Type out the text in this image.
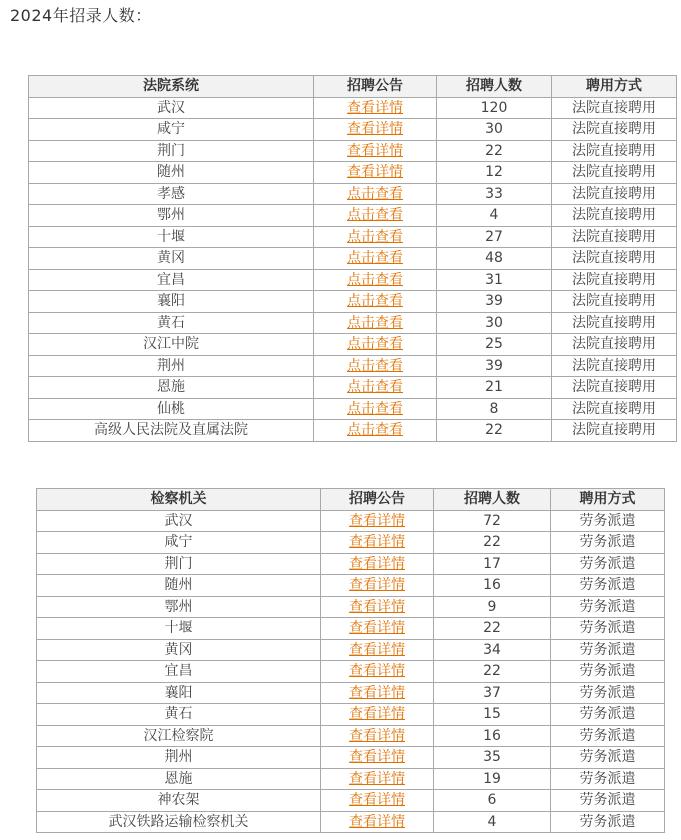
2024年招录人数：
法院系统	招聘公告	招聘人数	聘用方式
武汉	查看详情	120	法院直接聘用
咸宁	查看详情	30	法院直接聘用
荆门	查看详情	22	法院直接聘用
随州	查看详情	12	法院直接聘用
孝感	点击查看	33	法院直接聘用
鄂州	点击查看	4	法院直接聘用
十堰	点击查看	27	法院直接聘用
黄冈	点击查看	48	法院直接聘用
宜昌	点击查看	31	法院直接聘用
襄阳	点击查看	39	法院直接聘用
黄石	点击查看	30	法院直接聘用
汉江中院	点击查看	25	法院直接聘用
荆州	点击查看	39	法院直接聘用
恩施	点击查看	21	法院直接聘用
仙桃	点击查看	8	法院直接聘用
高级人民法院及直属法院	点击查看	22	法院直接聘用
检察机关	招聘公告	招聘人数	聘用方式
武汉	查看详情	72	劳务派遣
咸宁	查看详情	22	劳务派遣
荆门	查看详情	17	劳务派遣
随州	查看详情	16	劳务派遣
鄂州	查看详情	9	劳务派遣
十堰	查看详情	22	劳务派遣
黄冈	查看详情	34	劳务派遣
宜昌	查看详情	22	劳务派遣
襄阳	查看详情	37	劳务派遣
黄石	查看详情	15	劳务派遣
汉江检察院	查看详情	16	劳务派遣
荆州	查看详情	35	劳务派遣
恩施	查看详情	19	劳务派遣
神农架	查看详情	6	劳务派遣
武汉铁路运输检察机关	查看详情	4	劳务派遣
